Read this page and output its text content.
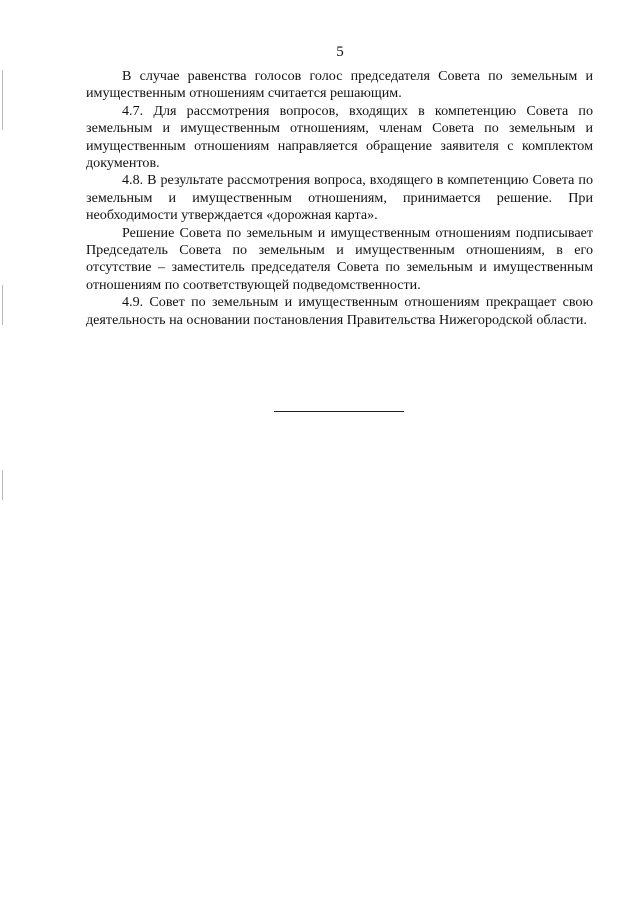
5

В случае равенства голосов голос председателя Совета по земельным и имущественным отношениям считается решающим.

4.7. Для рассмотрения вопросов, входящих в компетенцию Совета по земельным и имущественным отношениям, членам Совета по земельным и имущественным отношениям направляется обращение заявителя с комплектом документов.

4.8. В результате рассмотрения вопроса, входящего в компетенцию Совета по земельным и имущественным отношениям, принимается решение. При необходимости утверждается «дорожная карта».

Решение Совета по земельным и имущественным отношениям подписывает Председатель Совета по земельным и имущественным отношениям, в его отсутствие – заместитель председателя Совета по земельным и имущественным отношениям по соответствующей подведомственности.

4.9. Совет по земельным и имущественным отношениям прекращает свою деятельность на основании постановления Правительства Нижегородской области.
